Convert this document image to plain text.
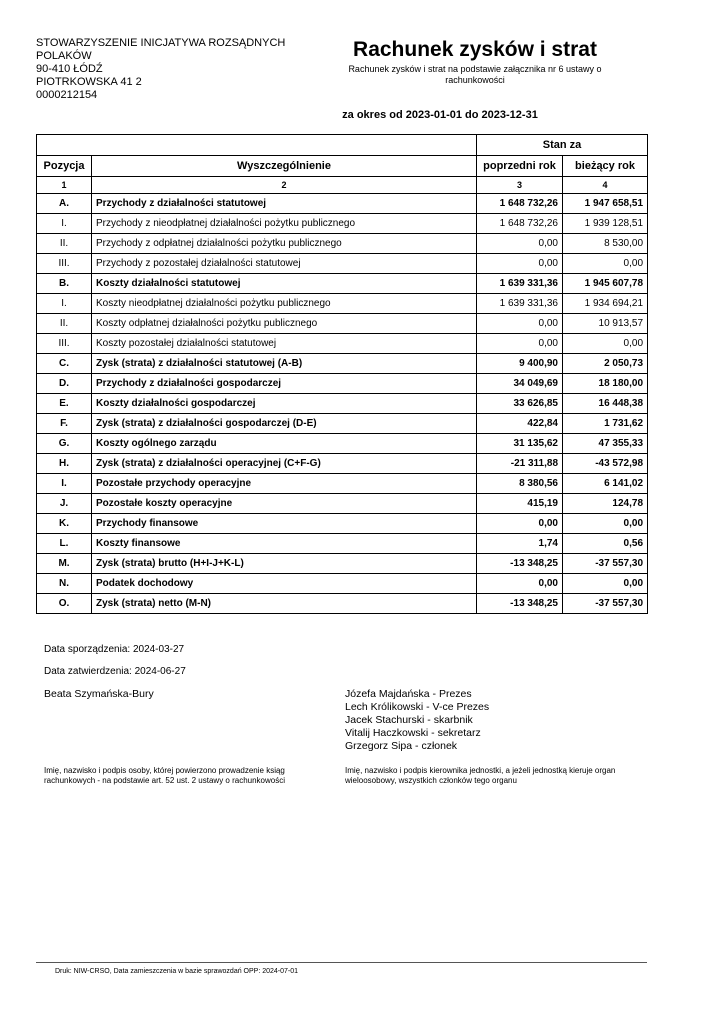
STOWARZYSZENIE INICJATYWA ROZSĄDNYCH
POLAKÓW
90-410 ŁÓDŹ
PIOTRKOWSKA 41 2
0000212154
Rachunek zysków i strat
Rachunek zysków i strat na podstawie załącznika nr 6 ustawy o rachunkowości
za okres od 2023-01-01 do 2023-12-31
		Stan za	
Pozycja	Wyszczególnienie	poprzedni rok	bieżący rok
1	2	3	4
A.	Przychody z działalności statutowej	1 648 732,26	1 947 658,51
I.	Przychody z nieodpłatnej działalności pożytku publicznego	1 648 732,26	1 939 128,51
II.	Przychody z odpłatnej działalności pożytku publicznego	0,00	8 530,00
III.	Przychody z pozostałej działalności statutowej	0,00	0,00
B.	Koszty działalności statutowej	1 639 331,36	1 945 607,78
I.	Koszty nieodpłatnej działalności pożytku publicznego	1 639 331,36	1 934 694,21
II.	Koszty odpłatnej działalności pożytku publicznego	0,00	10 913,57
III.	Koszty pozostałej działalności statutowej	0,00	0,00
C.	Zysk (strata) z działalności statutowej (A-B)	9 400,90	2 050,73
D.	Przychody z działalności gospodarczej	34 049,69	18 180,00
E.	Koszty działalności gospodarczej	33 626,85	16 448,38
F.	Zysk (strata) z działalności gospodarczej (D-E)	422,84	1 731,62
G.	Koszty ogólnego zarządu	31 135,62	47 355,33
H.	Zysk (strata) z działalności operacyjnej (C+F-G)	-21 311,88	-43 572,98
I.	Pozostałe przychody operacyjne	8 380,56	6 141,02
J.	Pozostałe koszty operacyjne	415,19	124,78
K.	Przychody finansowe	0,00	0,00
L.	Koszty finansowe	1,74	0,56
M.	Zysk (strata) brutto (H+I-J+K-L)	-13 348,25	-37 557,30
N.	Podatek dochodowy	0,00	0,00
O.	Zysk (strata) netto (M-N)	-13 348,25	-37 557,30
Data sporządzenia: 2024-03-27
Data zatwierdzenia: 2024-06-27
Beata Szymańska-Bury	Józefa Majdańska - Prezes
Lech Królikowski - V-ce Prezes
Jacek Stachurski - skarbnik
Vitalij Haczkowski - sekretarz
Grzegorz Sipa - członek
Imię, nazwisko i podpis osoby, której powierzono prowadzenie ksiąg rachunkowych - na podstawie art. 52 ust. 2 ustawy o rachunkowości
Imię, nazwisko i podpis kierownika jednostki, a jeżeli jednostką kieruje organ wieloosobowy, wszystkich członków tego organu
Druk: NIW-CRSO, Data zamieszczenia w bazie sprawozdań OPP: 2024-07-01
